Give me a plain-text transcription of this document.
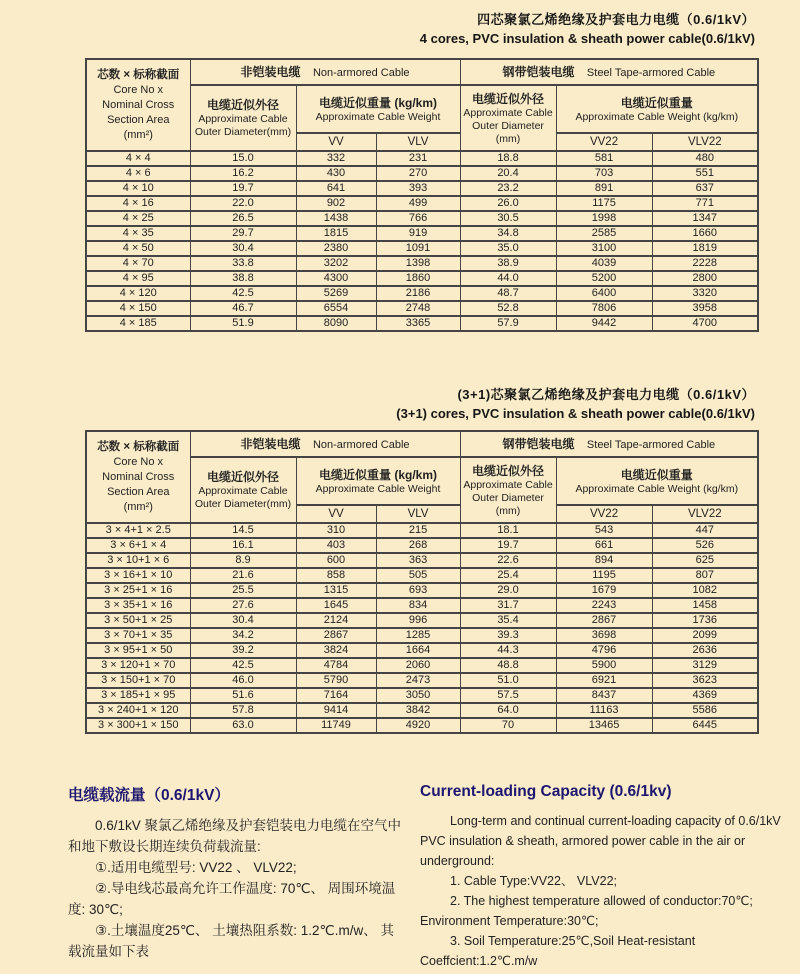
四芯聚氯乙烯绝缘及护套电力电缆（0.6/1kV）
4 cores, PVC insulation & sheath power cable(0.6/1kV)
芯数 × 标称截面
Core No x
Nominal Cross
Section Area
(mm²)	非铠装电缆 Non-armored Cable			钢带铠装电缆 Steel Tape-armored Cable		

	电缆近似外径
Approximate Cable
Outer Diameter(mm)	电缆近似重量 (kg/km)
Approximate Cable Weight		电缆近似外径
Approximate Cable
Outer Diameter
(mm)	电缆近似重量
Approximate Cable Weight (kg/km)	

		VV	VLV		VV22	VLV22
4 × 4	15.0	332	231	18.8	581	480
4 × 6	16.2	430	270	20.4	703	551
4 × 10	19.7	641	393	23.2	891	637
4 × 16	22.0	902	499	26.0	1175	771
4 × 25	26.5	1438	766	30.5	1998	1347
4 × 35	29.7	1815	919	34.8	2585	1660
4 × 50	30.4	2380	1091	35.0	3100	1819
4 × 70	33.8	3202	1398	38.9	4039	2228
4 × 95	38.8	4300	1860	44.0	5200	2800
4 × 120	42.5	5269	2186	48.7	6400	3320
4 × 150	46.7	6554	2748	52.8	7806	3958
4 × 185	51.9	8090	3365	57.9	9442	4700
(3+1)芯聚氯乙烯绝缘及护套电力电缆（0.6/1kV）
(3+1) cores, PVC insulation & sheath power cable(0.6/1kV)
芯数 × 标称截面
Core No x
Nominal Cross
Section Area
(mm²)	非铠装电缆 Non-armored Cable			钢带铠装电缆 Steel Tape-armored Cable		

	电缆近似外径
Approximate Cable
Outer Diameter(mm)	电缆近似重量 (kg/km)
Approximate Cable Weight		电缆近似外径
Approximate Cable
Outer Diameter
(mm)	电缆近似重量
Approximate Cable Weight (kg/km)	

		VV	VLV		VV22	VLV22
3 × 4+1 × 2.5	14.5	310	215	18.1	543	447
3 × 6+1 × 4	16.1	403	268	19.7	661	526
3 × 10+1 × 6	8.9	600	363	22.6	894	625
3 × 16+1 × 10	21.6	858	505	25.4	1195	807
3 × 25+1 × 16	25.5	1315	693	29.0	1679	1082
3 × 35+1 × 16	27.6	1645	834	31.7	2243	1458
3 × 50+1 × 25	30.4	2124	996	35.4	2867	1736
3 × 70+1 × 35	34.2	2867	1285	39.3	3698	2099
3 × 95+1 × 50	39.2	3824	1664	44.3	4796	2636
3 × 120+1 × 70	42.5	4784	2060	48.8	5900	3129
3 × 150+1 × 70	46.0	5790	2473	51.0	6921	3623
3 × 185+1 × 95	51.6	7164	3050	57.5	8437	4369
3 × 240+1 × 120	57.8	9414	3842	64.0	11163	5586
3 × 300+1 × 150	63.0	11749	4920	70	13465	6445
电缆载流量（0.6/1kV）

0.6/1kV 聚氯乙烯绝缘及护套铠装电力电缆在空气中和地下敷设长期连续负荷载流量:

①.适用电缆型号: VV22 、 VLV22;

②.导电线芯最高允许工作温度: 70℃、 周围环境温度: 30℃;

③.土壤温度25℃、 土壤热阻系数: 1.2℃.m/w、 其载流量如下表

Current-loading Capacity (0.6/1kv)

Long-term and continual current-loading capacity of 0.6/1kV PVC insulation & sheath, armored power cable in the air or underground:

1. Cable Type:VV22、 VLV22;

2. The highest temperature allowed of conductor:70℃; Environment Temperature:30℃;

3. Soil Temperature:25℃,Soil Heat-resistant Coeffcient:1.2℃.m/w
